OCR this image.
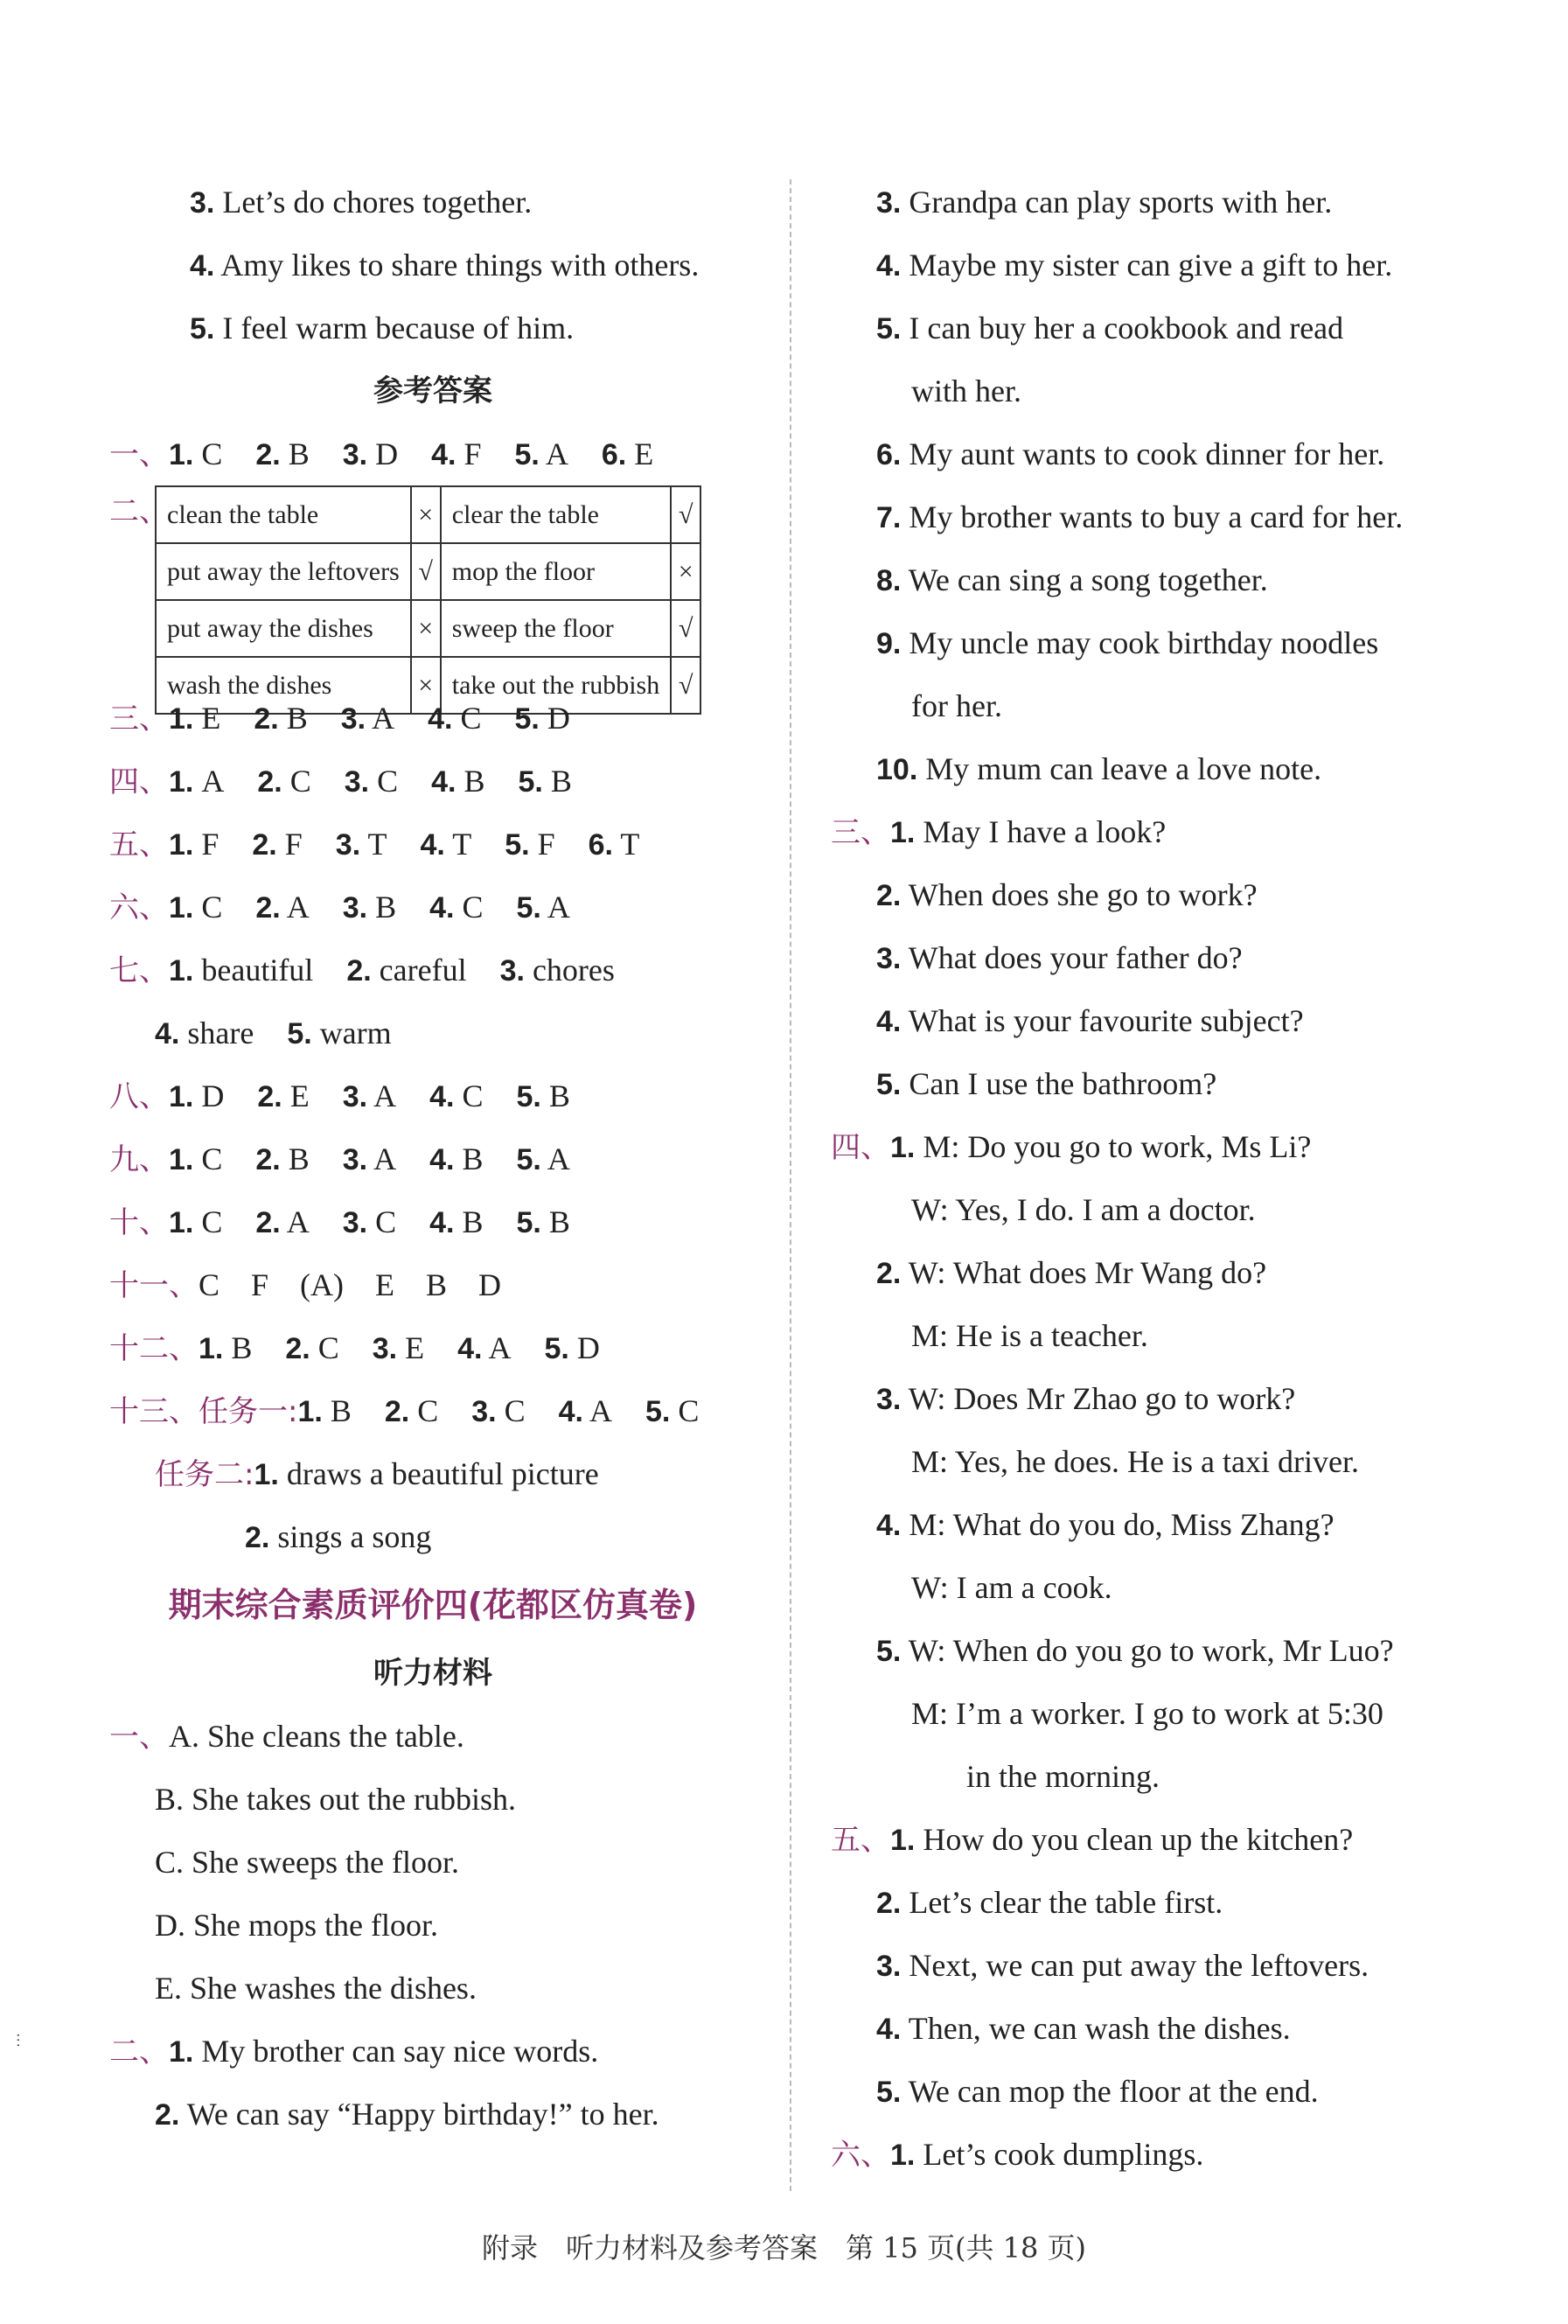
ⵗ
3. Let’s do chores together.
4. Amy likes to share things with others.
5. I feel warm because of him.
参考答案
一、1. C 2. B 3. D 4. F 5. A 6. E
二、
clean the table	×	clear the table	√
put away the leftovers	√	mop the floor	×
put away the dishes	×	sweep the floor	√
wash the dishes	×	take out the rubbish	√
三、1. E 2. B 3. A 4. C 5. D
四、1. A 2. C 3. C 4. B 5. B
五、1. F 2. F 3. T 4. T 5. F 6. T
六、1. C 2. A 3. B 4. C 5. A
七、1. beautiful 2. careful 3. chores
4. share 5. warm
八、1. D 2. E 3. A 4. C 5. B
九、1. C 2. B 3. A 4. B 5. A
十、1. C 2. A 3. C 4. B 5. B
十一、C　F　(A)　E　B　D
十二、1. B 2. C 3. E 4. A 5. D
十三、任务一:1. B 2. C 3. C 4. A 5. C
任务二:1. draws a beautiful picture
2. sings a song
期末综合素质评价四(花都区仿真卷)
听力材料
一、A. She cleans the table.
B. She takes out the rubbish.
C. She sweeps the floor.
D. She mops the floor.
E. She washes the dishes.
二、1. My brother can say nice words.
2. We can say “Happy birthday!” to her.
3. Grandpa can play sports with her.
4. Maybe my sister can give a gift to her.
5. I can buy her a cookbook and read
with her.
6. My aunt wants to cook dinner for her.
7. My brother wants to buy a card for her.
8. We can sing a song together.
9. My uncle may cook birthday noodles
for her.
10. My mum can leave a love note.
三、1. May I have a look?
2. When does she go to work?
3. What does your father do?
4. What is your favourite subject?
5. Can I use the bathroom?
四、1. M: Do you go to work, Ms Li?
W: Yes, I do. I am a doctor.
2. W: What does Mr Wang do?
M: He is a teacher.
3. W: Does Mr Zhao go to work?
M: Yes, he does. He is a taxi driver.
4. M: What do you do, Miss Zhang?
W: I am a cook.
5. W: When do you go to work, Mr Luo?
M: I’m a worker. I go to work at 5:30
in the morning.
五、1. How do you clean up the kitchen?
2. Let’s clear the table first.
3. Next, we can put away the leftovers.
4. Then, we can wash the dishes.
5. We can mop the floor at the end.
六、1. Let’s cook dumplings.
附录　听力材料及参考答案　第 15 页(共 18 页)
